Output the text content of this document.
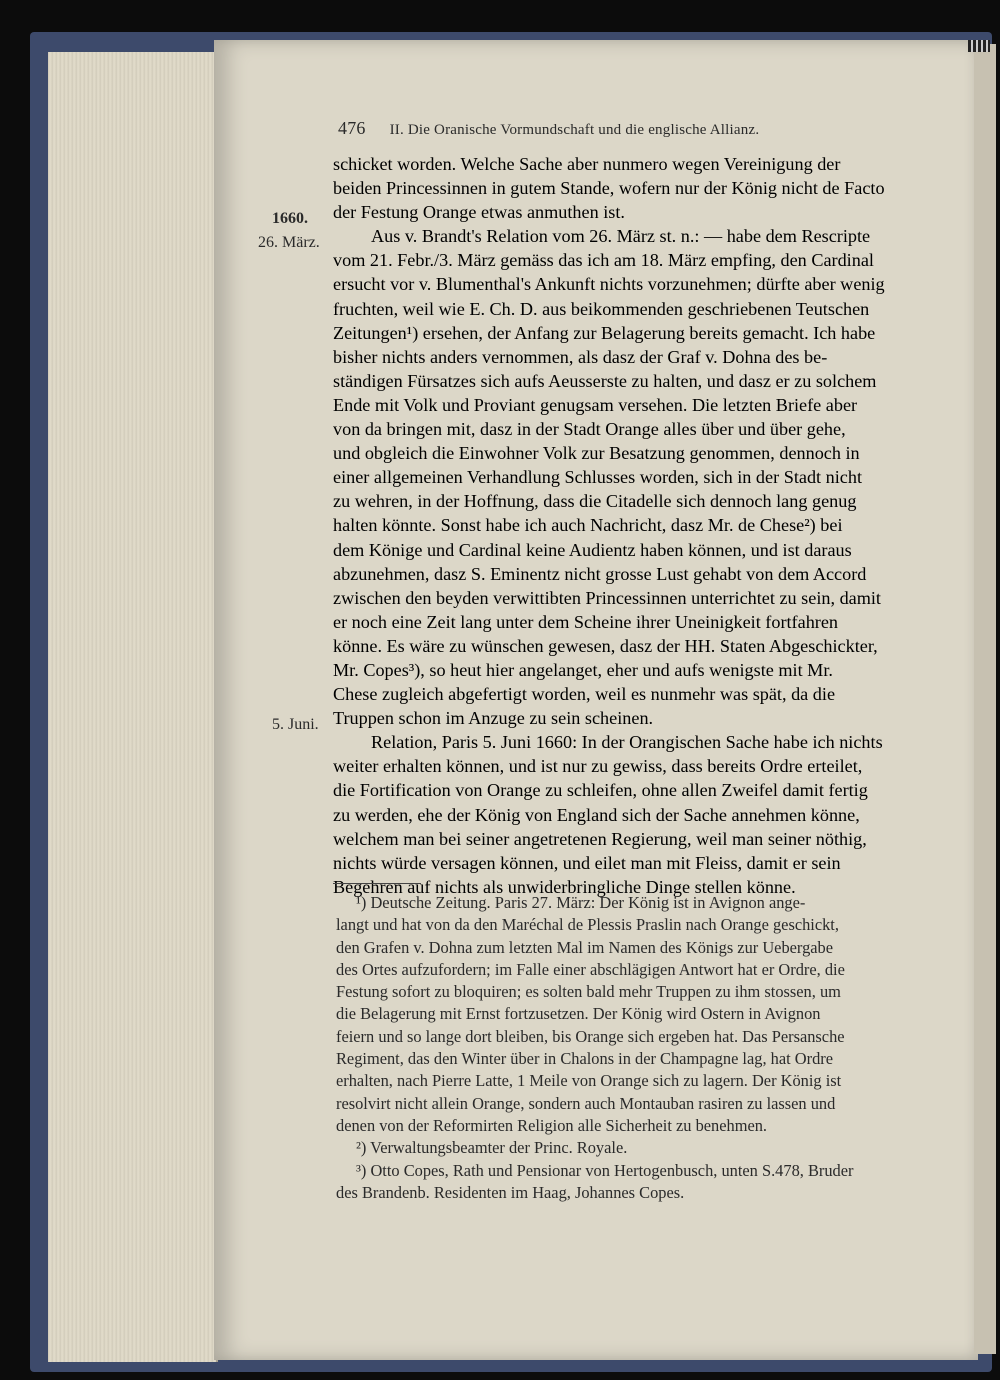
476 II. Die Oranische Vormundschaft und die englische Allianz.
1660.
26. März.
5. Juni.

schicket worden. Welche Sache aber nunmero wegen Vereinigung der

beiden Princessinnen in gutem Stande, wofern nur der König nicht de Facto

der Festung Orange etwas anmuthen ist.

Aus v. Brandt's Relation vom 26. März st. n.: — habe dem Rescripte

vom 21. Febr./3. März gemäss das ich am 18. März empfing, den Cardinal

ersucht vor v. Blumenthal's Ankunft nichts vorzunehmen; dürfte aber wenig

fruchten, weil wie E. Ch. D. aus beikommenden geschriebenen Teutschen

Zeitungen¹) ersehen, der Anfang zur Belagerung bereits gemacht. Ich habe

bisher nichts anders vernommen, als dasz der Graf v. Dohna des be-

ständigen Fürsatzes sich aufs Aeusserste zu halten, und dasz er zu solchem

Ende mit Volk und Proviant genugsam versehen. Die letzten Briefe aber

von da bringen mit, dasz in der Stadt Orange alles über und über gehe,

und obgleich die Einwohner Volk zur Besatzung genommen, dennoch in

einer allgemeinen Verhandlung Schlusses worden, sich in der Stadt nicht

zu wehren, in der Hoffnung, dass die Citadelle sich dennoch lang genug

halten könnte. Sonst habe ich auch Nachricht, dasz Mr. de Chese²) bei

dem Könige und Cardinal keine Audientz haben können, und ist daraus

abzunehmen, dasz S. Eminentz nicht grosse Lust gehabt von dem Accord

zwischen den beyden verwittibten Princessinnen unterrichtet zu sein, damit

er noch eine Zeit lang unter dem Scheine ihrer Uneinigkeit fortfahren

könne. Es wäre zu wünschen gewesen, dasz der HH. Staten Abgeschickter,

Mr. Copes³), so heut hier angelanget, eher und aufs wenigste mit Mr.

Chese zugleich abgefertigt worden, weil es nunmehr was spät, da die

Truppen schon im Anzuge zu sein scheinen.

Relation, Paris 5. Juni 1660: In der Orangischen Sache habe ich nichts

weiter erhalten können, und ist nur zu gewiss, dass bereits Ordre erteilet,

die Fortification von Orange zu schleifen, ohne allen Zweifel damit fertig

zu werden, ehe der König von England sich der Sache annehmen könne,

welchem man bei seiner angetretenen Regierung, weil man seiner nöthig,

nichts würde versagen können, und eilet man mit Fleiss, damit er sein

Begehren auf nichts als unwiderbringliche Dinge stellen könne.

¹) Deutsche Zeitung. Paris 27. März: Der König ist in Avignon ange-

langt und hat von da den Maréchal de Plessis Praslin nach Orange geschickt,

den Grafen v. Dohna zum letzten Mal im Namen des Königs zur Uebergabe

des Ortes aufzufordern; im Falle einer abschlägigen Antwort hat er Ordre, die

Festung sofort zu bloquiren; es solten bald mehr Truppen zu ihm stossen, um

die Belagerung mit Ernst fortzusetzen. Der König wird Ostern in Avignon

feiern und so lange dort bleiben, bis Orange sich ergeben hat. Das Persansche

Regiment, das den Winter über in Chalons in der Champagne lag, hat Ordre

erhalten, nach Pierre Latte, 1 Meile von Orange sich zu lagern. Der König ist

resolvirt nicht allein Orange, sondern auch Montauban rasiren zu lassen und

denen von der Reformirten Religion alle Sicherheit zu benehmen.

²) Verwaltungsbeamter der Princ. Royale.

³) Otto Copes, Rath und Pensionar von Hertogenbusch, unten S.478, Bruder

des Brandenb. Residenten im Haag, Johannes Copes.
